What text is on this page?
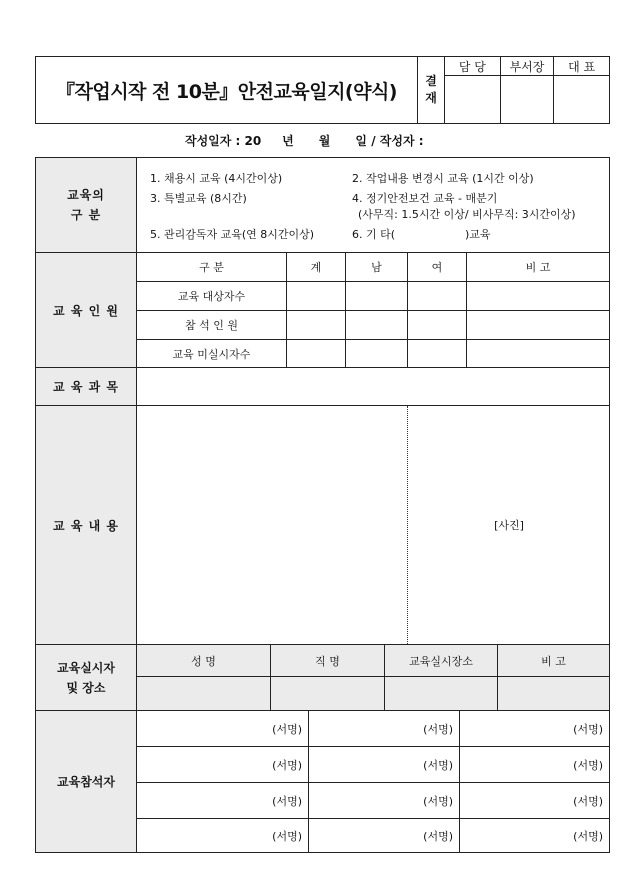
『작업시작 전 10분』안전교육일지(약식)	결
재
담 당	부서장	대 표

작성일자 : 20     년      월      일 / 작성자 :
교육의
구 분
1. 채용시 교육 (4시간이상)	2. 작업내용 변경시 교육 (1시간 이상)
3. 특별교육 (8시간)	4. 정기안전보건 교육 - 매분기
(사무직: 1.5시간 이상/ 비사무직: 3시간이상)
5. 관리감독자 교육(연 8시간이상)	6. 기 타(                    )교육
교 육 인 원
구 분	계	남	여	비 고
교육 대상자수				
참 석 인 원				
교육 미실시자수				
교 육 과 목
교 육 내 용	[사진]
교육실시자
및 장소
성 명	직 명	교육실시장소	비 고

교육참석자
(서명)	(서명)	(서명)
(서명)	(서명)	(서명)
(서명)	(서명)	(서명)
(서명)	(서명)	(서명)
